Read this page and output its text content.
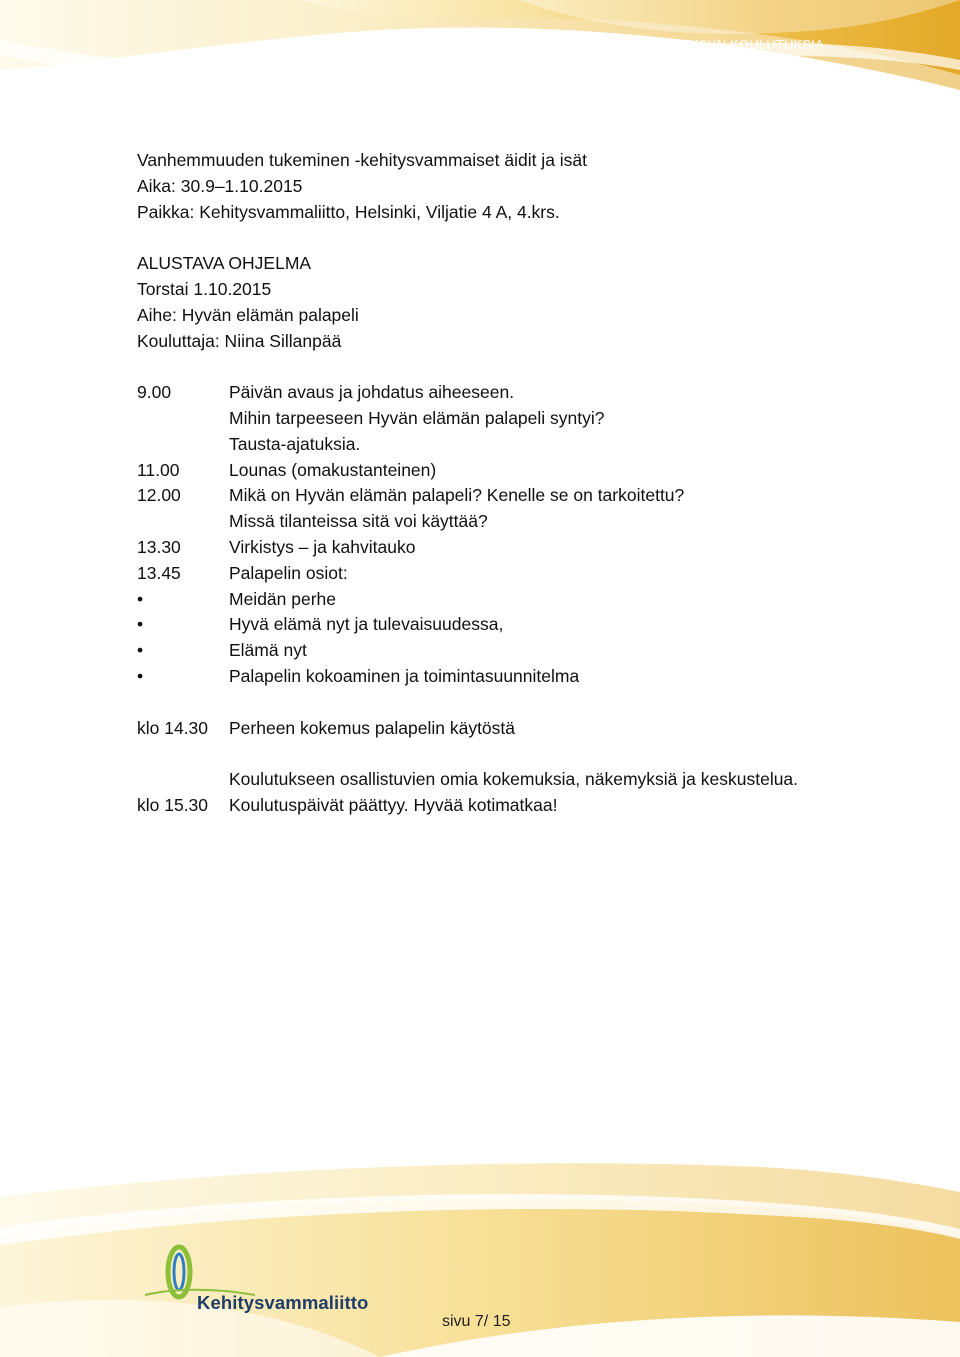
SYKSYN KOULUTUKSIA
Vanhemmuuden tukeminen -kehitysvammaiset äidit ja isät
Aika: 30.9–1.10.2015
Paikka: Kehitysvammaliitto, Helsinki, Viljatie 4 A, 4.krs.
ALUSTAVA OHJELMA
Torstai 1.10.2015
Aihe: Hyvän elämän palapeli
Kouluttaja: Niina Sillanpää
9.00	Päivän avaus ja johdatus aiheeseen.
Mihin tarpeeseen Hyvän elämän palapeli syntyi?
Tausta-ajatuksia.
11.00	Lounas (omakustanteinen)
12.00	Mikä on Hyvän elämän palapeli? Kenelle se on tarkoitettu?
Missä tilanteissa sitä voi käyttää?
13.30	Virkistys – ja kahvitauko
13.45	Palapelin osiot:
•	Meidän perhe
•	Hyvä elämä nyt ja tulevaisuudessa,
•	Elämä nyt
•	Palapelin kokoaminen ja toimintasuunnitelma
klo 14.30	Perheen kokemus palapelin käytöstä
Koulutukseen osallistuvien omia kokemuksia, näkemyksiä ja keskustelua.
klo 15.30	Koulutuspäivät päättyy. Hyvää kotimatkaa!
Kehitysvammaliitto
sivu 7/ 15
